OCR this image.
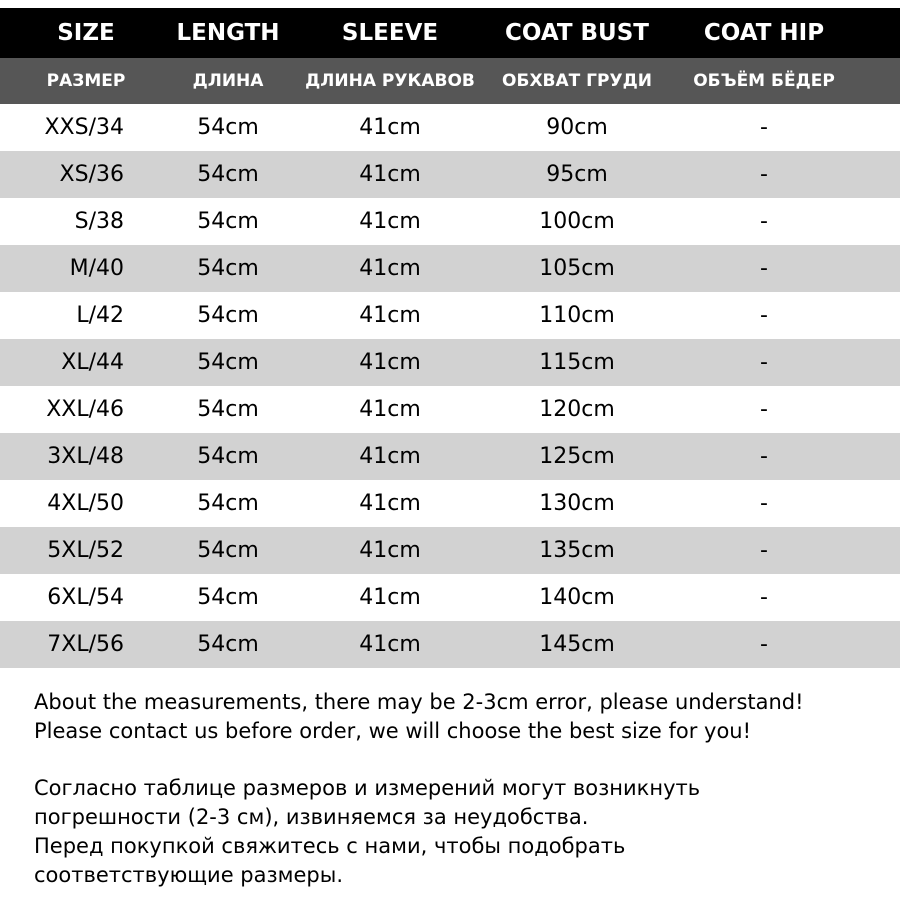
SIZE	LENGTH	SLEEVE	COAT BUST	COAT HIP
РАЗМЕР	ДЛИНА	ДЛИНА РУКАВОВ	ОБХВАТ ГРУДИ	ОБЪЁМ БЁДЕР
XXS/34	54cm	41cm	90cm	-
XS/36	54cm	41cm	95cm	-
S/38	54cm	41cm	100cm	-
M/40	54cm	41cm	105cm	-
L/42	54cm	41cm	110cm	-
XL/44	54cm	41cm	115cm	-
XXL/46	54cm	41cm	120cm	-
3XL/48	54cm	41cm	125cm	-
4XL/50	54cm	41cm	130cm	-
5XL/52	54cm	41cm	135cm	-
6XL/54	54cm	41cm	140cm	-
7XL/56	54cm	41cm	145cm	-
About the measurements, there may be 2-3cm error, please understand!
Please contact us before order, we will choose the best size for you!
Согласно таблице размеров и измерений могут возникнуть
погрешности (2-3 см), извиняемся за неудобства.
Перед покупкой свяжитесь с нами, чтобы подобрать
соответствующие размеры.
